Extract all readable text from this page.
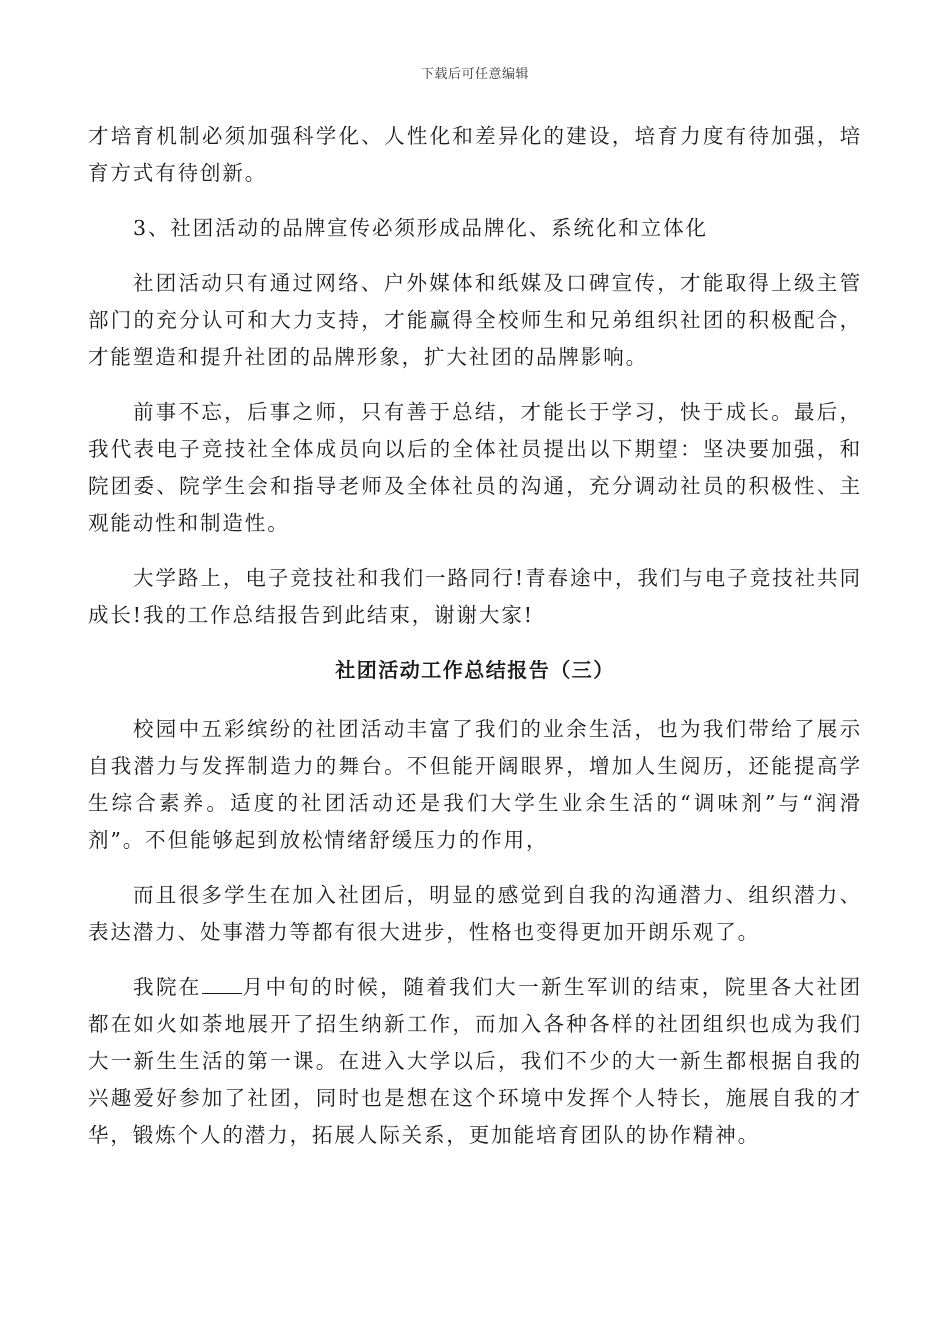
下载后可任意编辑

才培育机制必须加强科学化、人性化和差异化的建设，培育力度有待加强，培育方式有待创新。

3、社团活动的品牌宣传必须形成品牌化、系统化和立体化

社团活动只有通过网络、户外媒体和纸媒及口碑宣传，才能取得上级主管部门的充分认可和大力支持，才能赢得全校师生和兄弟组织社团的积极配合，才能塑造和提升社团的品牌形象，扩大社团的品牌影响。

前事不忘，后事之师，只有善于总结，才能长于学习，快于成长。最后，我代表电子竞技社全体成员向以后的全体社员提出以下期望：坚决要加强，和院团委、院学生会和指导老师及全体社员的沟通，充分调动社员的积极性、主观能动性和制造性。

大学路上，电子竞技社和我们一路同行!青春途中，我们与电子竞技社共同成长!我的工作总结报告到此结束，谢谢大家!

社团活动工作总结报告（三）

校园中五彩缤纷的社团活动丰富了我们的业余生活，也为我们带给了展示自我潜力与发挥制造力的舞台。不但能开阔眼界，增加人生阅历，还能提高学生综合素养。适度的社团活动还是我们大学生业余生活的“调味剂”与“润滑剂”。不但能够起到放松情绪舒缓压力的作用，

而且很多学生在加入社团后，明显的感觉到自我的沟通潜力、组织潜力、表达潜力、处事潜力等都有很大进步，性格也变得更加开朗乐观了。

我院在 月中旬的时候，随着我们大一新生军训的结束，院里各大社团都在如火如荼地展开了招生纳新工作，而加入各种各样的社团组织也成为我们大一新生生活的第一课。在进入大学以后，我们不少的大一新生都根据自我的兴趣爱好参加了社团，同时也是想在这个环境中发挥个人特长，施展自我的才华，锻炼个人的潜力，拓展人际关系，更加能培育团队的协作精神。
